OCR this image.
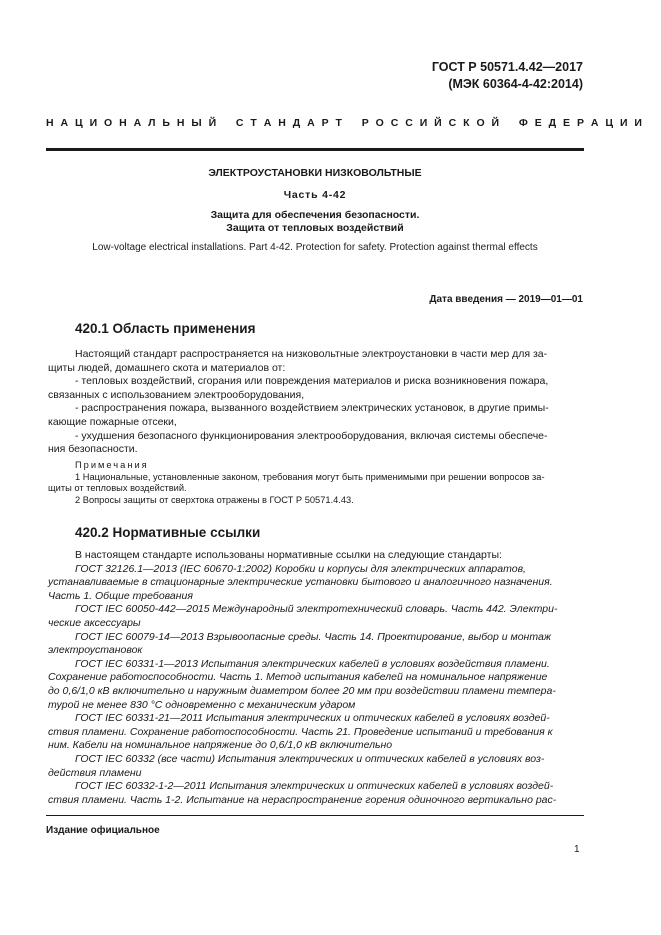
ГОСТ Р 50571.4.42—2017
(МЭК 60364-4-42:2014)
Н А Ц И О Н А Л Ь Н Ы Й   С Т А Н Д А Р Т   Р О С С И Й С К О Й   Ф Е Д Е Р А Ц И И
ЭЛЕКТРОУСТАНОВКИ НИЗКОВОЛЬТНЫЕ
Часть 4-42
Защита для обеспечения безопасности.
Защита от тепловых воздействий
Low-voltage electrical installations. Part 4-42. Protection for safety. Protection against thermal effects
Дата введения — 2019—01—01
420.1 Область применения

Настоящий стандарт распространяется на низковольтные электроустановки в части мер для за-

щиты людей, домашнего скота и материалов от:

- тепловых воздействий, сгорания или повреждения материалов и риска возникновения пожара,

связанных с использованием электрооборудования,

- распространения пожара, вызванного воздействием электрических установок, в другие примы-

кающие пожарные отсеки,

- ухудшения безопасного функционирования электрооборудования, включая системы обеспече-

ния безопасности.

Примечания

1 Национальные, установленные законом, требования могут быть применимыми при решении вопросов за-

щиты от тепловых воздействий.

2 Вопросы защиты от сверхтока отражены в ГОСТ Р 50571.4.43.

420.2 Нормативные ссылки

В настоящем стандарте использованы нормативные ссылки на следующие стандарты:

ГОСТ 32126.1—2013 (IEC 60670-1:2002) Коробки и корпусы для электрических аппаратов,

устанавливаемые в стационарные электрические установки бытового и аналогичного назначения.

Часть 1. Общие требования

ГОСТ IEC 60050-442—2015 Международный электротехнический словарь. Часть 442. Электри-

ческие аксессуары

ГОСТ IEC 60079-14—2013 Взрывоопасные среды. Часть 14. Проектирование, выбор и монтаж

электроустановок

ГОСТ IEC 60331-1—2013 Испытания электрических кабелей в условиях воздействия пламени.

Сохранение работоспособности. Часть 1. Метод испытания кабелей на номинальное напряжение

до 0,6/1,0 кВ включительно и наружным диаметром более 20 мм при воздействии пламени темпера-

турой не менее 830 °С одновременно с механическим ударом

ГОСТ IEC 60331-21—2011 Испытания электрических и оптических кабелей в условиях воздей-

ствия пламени. Сохранение работоспособности. Часть 21. Проведение испытаний и требования к

ним. Кабели на номинальное напряжение до 0,6/1,0 кВ включительно

ГОСТ IEC 60332 (все части) Испытания электрических и оптических кабелей в условиях воз-

действия пламени

ГОСТ IEC 60332-1-2—2011 Испытания электрических и оптических кабелей в условиях воздей-

ствия пламени. Часть 1-2. Испытание на нераспространение горения одиночного вертикально рас-

Издание официальное
1
